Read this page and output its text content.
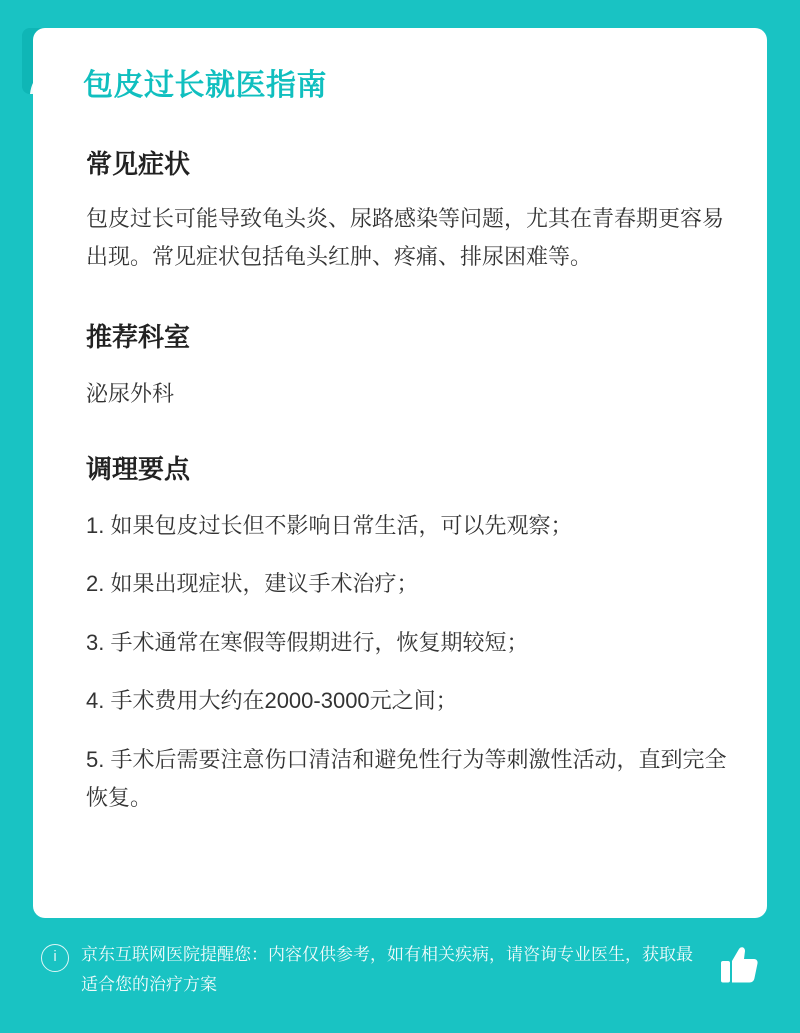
包皮过长就医指南
常见症状

包皮过长可能导致龟头炎、尿路感染等问题，尤其在青春期更容易出现。常见症状包括龟头红肿、疼痛、排尿困难等。

推荐科室

泌尿外科

调理要点
1. 如果包皮过长但不影响日常生活，可以先观察；
2. 如果出现症状，建议手术治疗；
3. 手术通常在寒假等假期进行，恢复期较短；
4. 手术费用大约在2000-3000元之间；
5. 手术后需要注意伤口清洁和避免性行为等刺激性活动，直到完全恢复。
i	京东互联网医院提醒您：内容仅供参考，如有相关疾病，请咨询专业医生，获取最适合您的治疗方案
